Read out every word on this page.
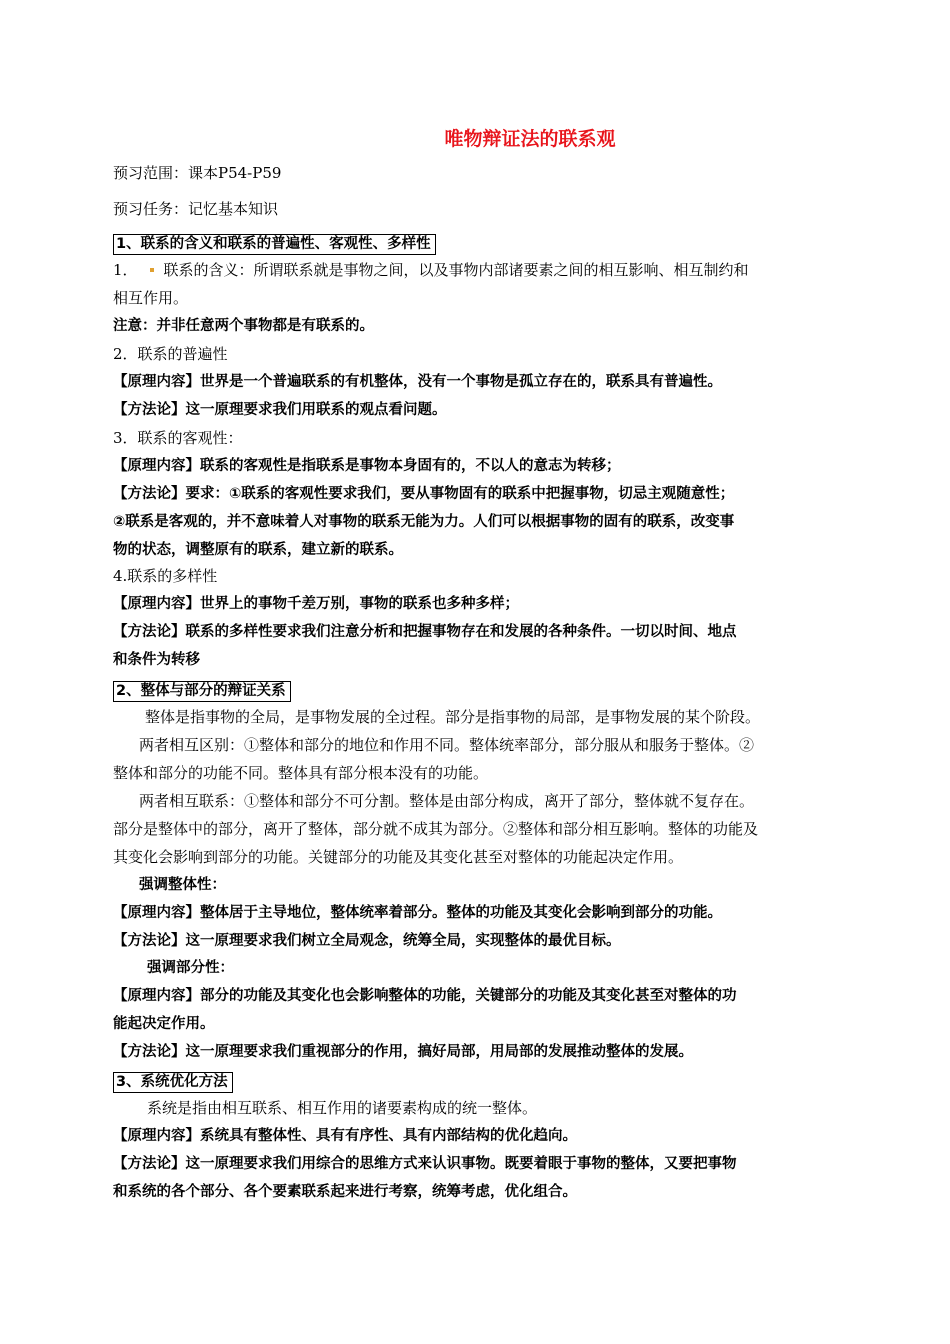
唯物辩证法的联系观
预习范围：课本P54-P59
预习任务：记忆基本知识
1、联系的含义和联系的普遍性、客观性、多样性
1． 联系的含义：所谓联系就是事物之间，以及事物内部诸要素之间的相互影响、相互制约和
相互作用。
注意：并非任意两个事物都是有联系的。
2．联系的普遍性
【原理内容】世界是一个普遍联系的有机整体，没有一个事物是孤立存在的，联系具有普遍性。
【方法论】这一原理要求我们用联系的观点看问题。
3．联系的客观性：
【原理内容】联系的客观性是指联系是事物本身固有的，不以人的意志为转移；
【方法论】要求：①联系的客观性要求我们，要从事物固有的联系中把握事物，切忌主观随意性；
②联系是客观的，并不意味着人对事物的联系无能为力。人们可以根据事物的固有的联系，改变事
物的状态，调整原有的联系，建立新的联系。
4.联系的多样性
【原理内容】世界上的事物千差万别，事物的联系也多种多样；
【方法论】联系的多样性要求我们注意分析和把握事物存在和发展的各种条件。一切以时间、地点
和条件为转移
2、整体与部分的辩证关系
整体是指事物的全局，是事物发展的全过程。部分是指事物的局部，是事物发展的某个阶段。
两者相互区别：①整体和部分的地位和作用不同。整体统率部分，部分服从和服务于整体。②
整体和部分的功能不同。整体具有部分根本没有的功能。
两者相互联系：①整体和部分不可分割。整体是由部分构成，离开了部分，整体就不复存在。
部分是整体中的部分，离开了整体，部分就不成其为部分。②整体和部分相互影响。整体的功能及
其变化会影响到部分的功能。关键部分的功能及其变化甚至对整体的功能起决定作用。
强调整体性：
【原理内容】整体居于主导地位，整体统率着部分。整体的功能及其变化会影响到部分的功能。
【方法论】这一原理要求我们树立全局观念，统筹全局，实现整体的最优目标。
强调部分性：
【原理内容】部分的功能及其变化也会影响整体的功能，关键部分的功能及其变化甚至对整体的功
能起决定作用。
【方法论】这一原理要求我们重视部分的作用，搞好局部，用局部的发展推动整体的发展。
3、系统优化方法
系统是指由相互联系、相互作用的诸要素构成的统一整体。
【原理内容】系统具有整体性、具有有序性、具有内部结构的优化趋向。
【方法论】这一原理要求我们用综合的思维方式来认识事物。既要着眼于事物的整体，又要把事物
和系统的各个部分、各个要素联系起来进行考察，统筹考虑，优化组合。
